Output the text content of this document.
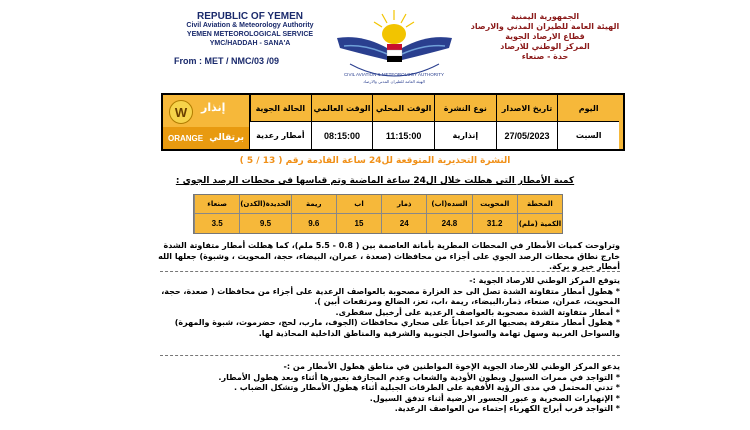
REPUBLIC OF YEMEN
Civil Aviation & Meteorology Authority
YEMEN METEOROLOGICAL SERVICE
YMC/HADDAH - SANA'A
From : MET / NMC/03 /09
CIVIL AVIATION & METEOROLOGY AUTHORITY
الهيئة العامة للطيران المدني والارصاد
الجمهورية اليمنية
الهيئة العامة للطيران المدني والارصاد
قطاع الارصاد الجوية
المركز الوطني للارصاد
حدة - صنعاء
W	إنذار
ORANGE برتقالي
اليوم
تاريخ الاصدار
نوع النشرة
الوقت المحلي
الوقت العالمي
الحالة الجوية
السبت
27/05/2023
إنذارية
11:15:00
08:15:00
أمطار رعدية
النشرة التحذيرية المتوقعة لل24 ساعة القادمة رقم ( 13 / 5 )
كمية الأمطار التى هطلت خلال ال24 ساعة الماضية وتم قياسها فى محطات الرصد الجوي :
المحطة
المحويت
السده(اب)
ذمار
اب
ريمة
الحديدة(الكدن)
صنعاء
الكمية (ملم)
31.2
24.8
24
15
9.6
9.5
3.5

وتراوحت كميات الأمطار في المحطات المطرية بأمانة العاصمة بين ( 0.8 - 5.5 ملم)، كما هطلت أمطار متفاوتة الشدة خارج نطاق محطات الرصد الجوي على أجزاء من محافظات (صعدة ، عمران، البيضاء، حجة، المحويت ، وشبوة) جعلها الله أمطار خير و بركة.

يتوقع المركز الوطني للارصاد الجوية :-

* هطول أمطار متفاوتة الشدة تصل الى حد الغزارة مصحوبة بالعواصف الرعدية على أجزاء من محافظات ( صعدة، حجة، المحويت، عمران، صنعاء، ذمار،البيضاء، ريمة ،اب، تعز، الضالع ومرتفعات أبين ).

* أمطار متفاوتة الشدة مصحوبة بالعواصف الرعدية على أرخبيل سقطرى.

* هطول أمطار متفرقة يصحبها الرعد احياناً على صحاري محافظات (الجوف، مارب، لحج، حضرموت، شبوة والمهرة) والسواحل الغربية وسهل تهامة والسواحل الجنوبية والشرقية والمناطق الداخلية المحاذية لها.

يدعو المركز الوطني للارصاد الجوية الإخوة المواطنين في مناطق هطول الأمطار من :-

* التواجد في ممرات السيول وبطون الأودية والشعاب وعدم المجازفة بعبورها أثناء وبعد هطول الأمطار.

* تدني المحتمل في مدى الرؤية الأفقية على الطرقات الجبلية أثناء هطول الأمطار وتشكل الضباب .

* الإنهيارات الصخرية و عبور الجسور الارضية أثناء تدفق السيول.

* التواجد قرب أبراج الكهرباء إحتماء من العواصف الرعدية.
